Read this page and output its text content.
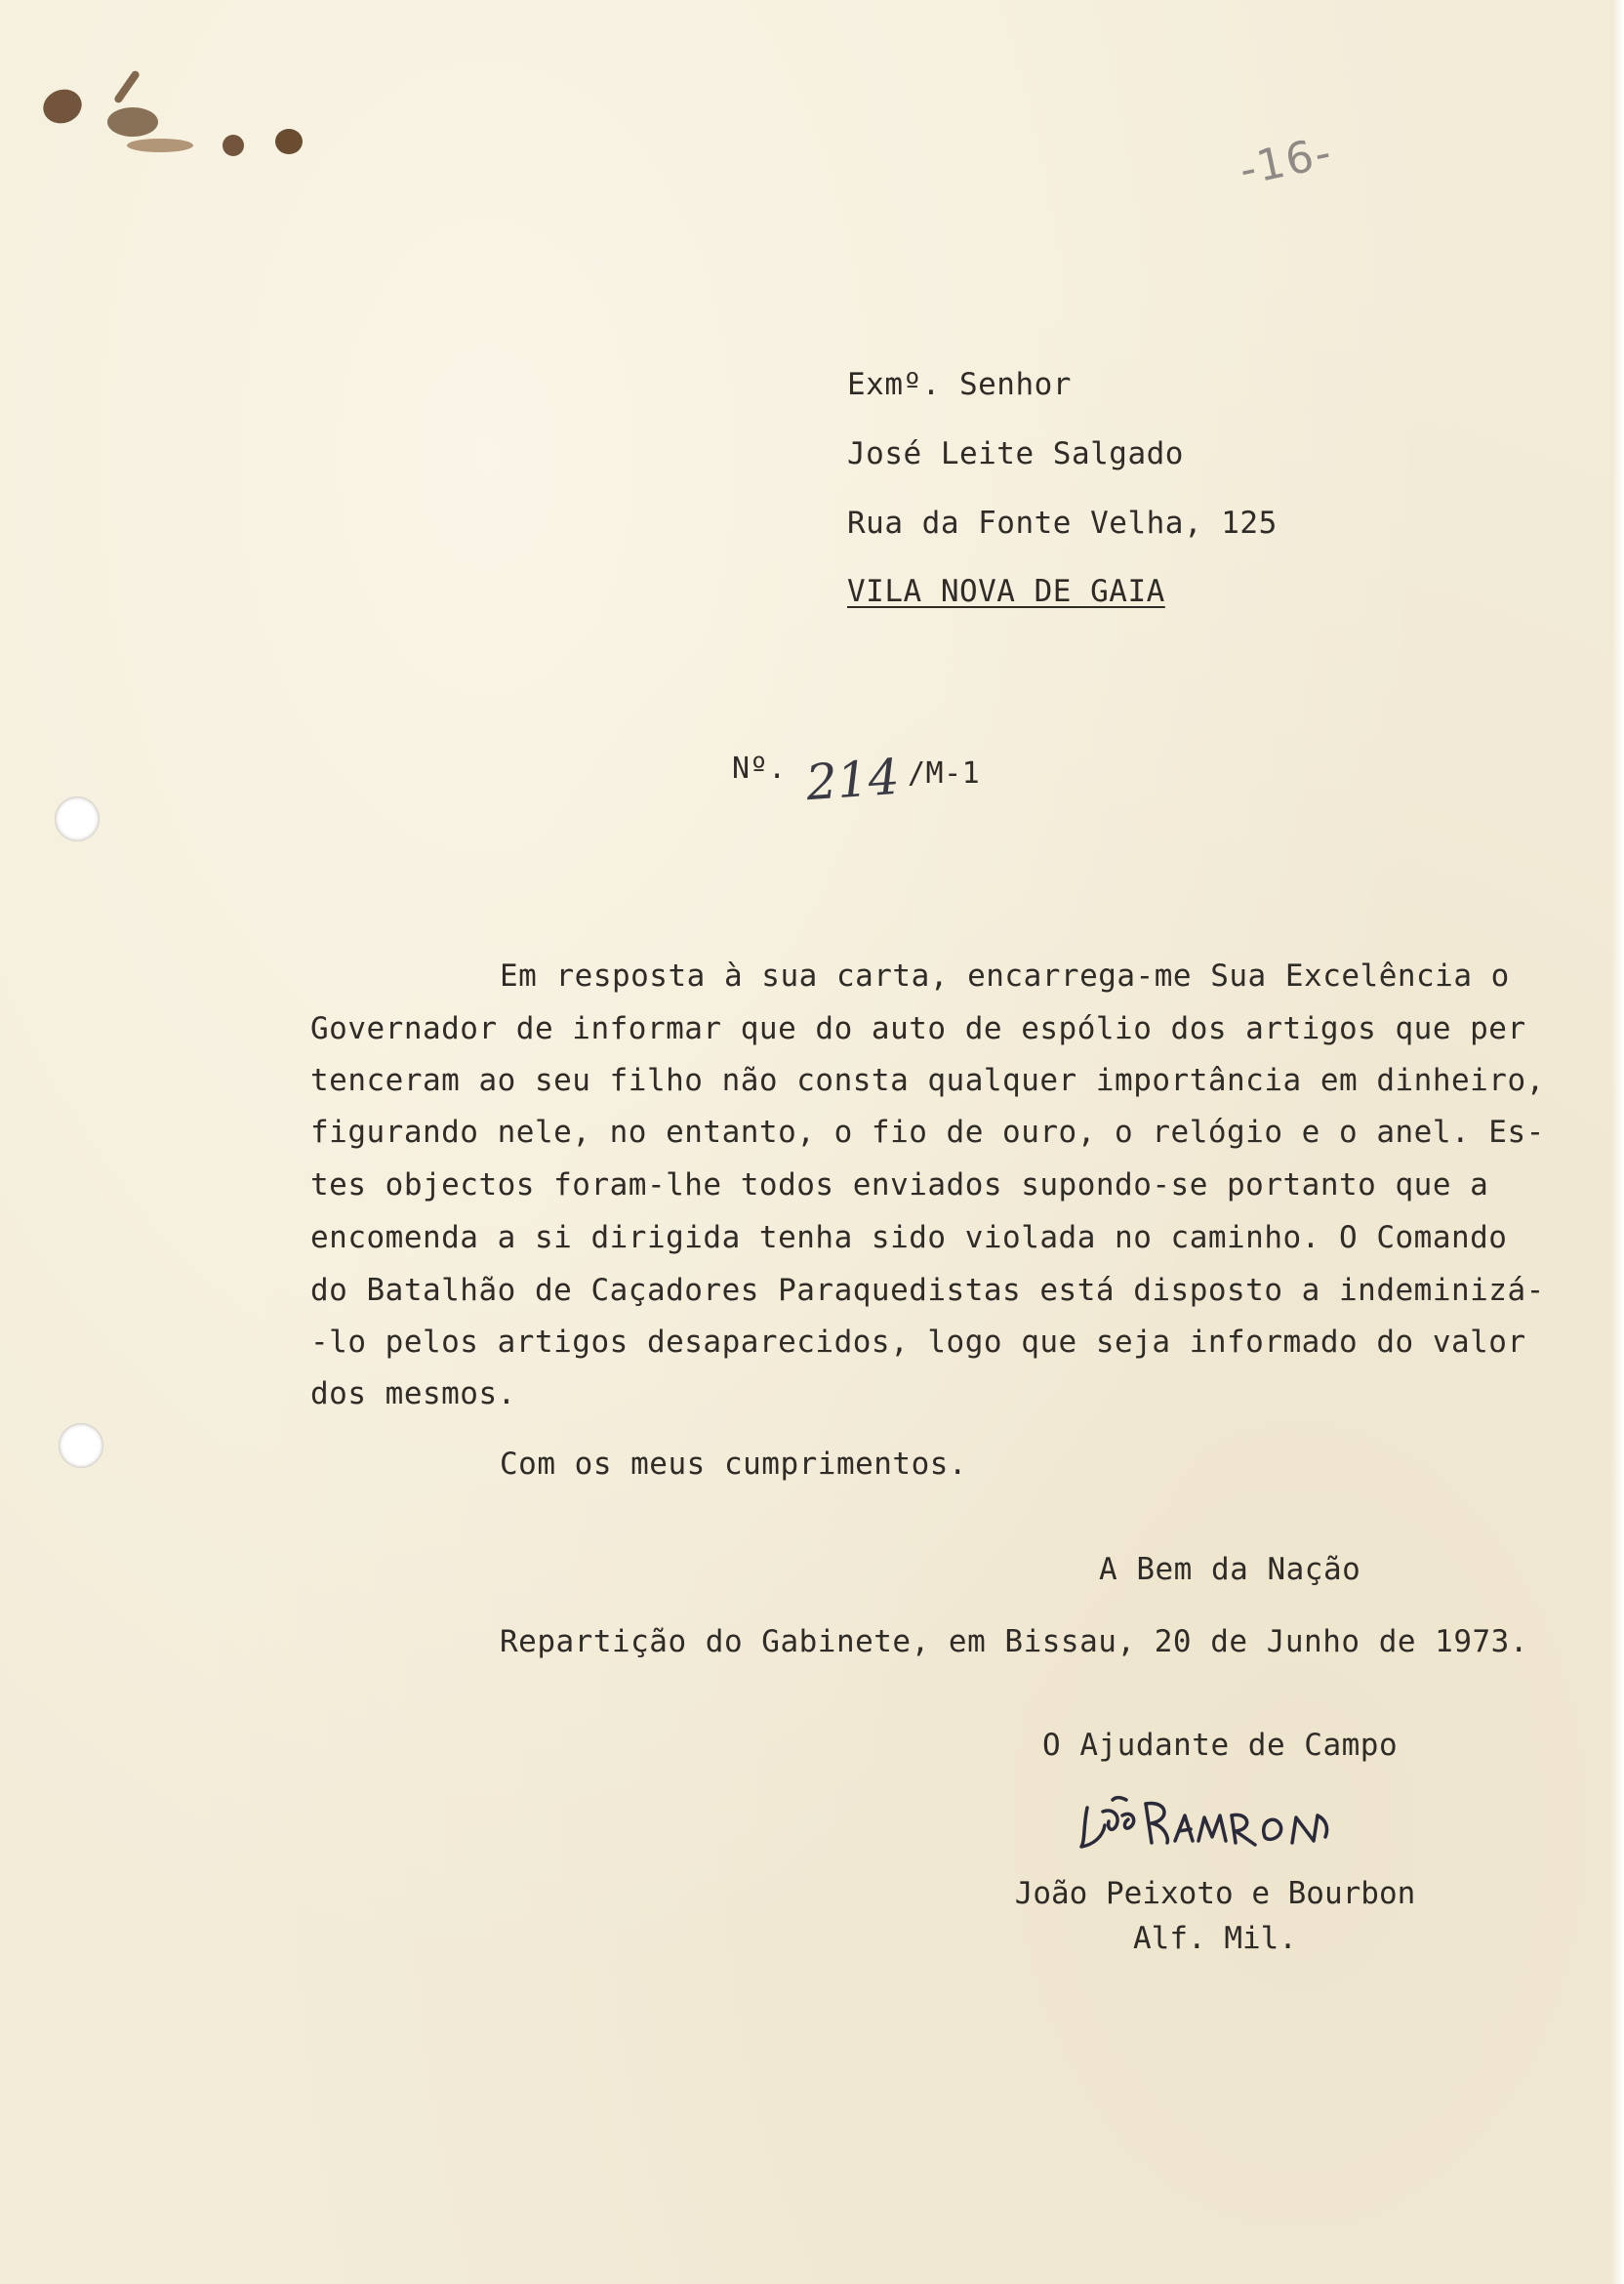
-16-
Exmº. Senhor
José Leite Salgado
Rua da Fonte Velha, 125
VILA NOVA DE GAIA
Nº. 214 /M-1
Em resposta à sua carta, encarrega-me Sua Excelência o
Governador de informar que do auto de espólio dos artigos que per
tenceram ao seu filho não consta qualquer importância em dinheiro,
figurando nele, no entanto, o fio de ouro, o relógio e o anel. Es-
tes objectos foram-lhe todos enviados supondo-se portanto que a
encomenda a si dirigida tenha sido violada no caminho. O Comando
do Batalhão de Caçadores Paraquedistas está disposto a indeminizá-
-lo pelos artigos desaparecidos, logo que seja informado do valor
dos mesmos.
Com os meus cumprimentos.
A Bem da Nação
Repartição do Gabinete, em Bissau, 20 de Junho de 1973.
O Ajudante de Campo
João Peixoto e Bourbon
Alf. Mil.
